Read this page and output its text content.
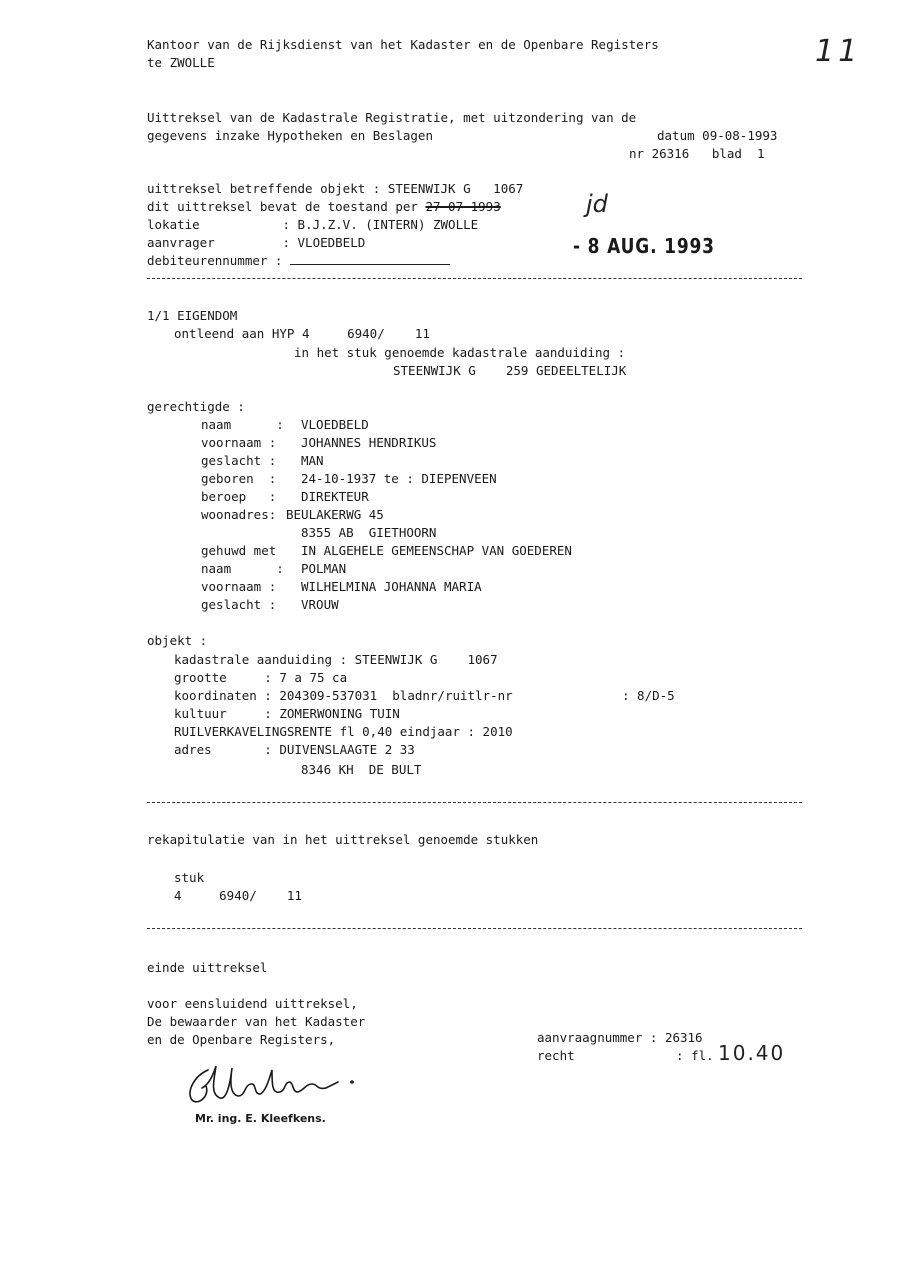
Kantoor van de Rijksdienst van het Kadaster en de Openbare Registers
te ZWOLLE	11
Uittreksel van de Kadastrale Registratie, met uitzondering van de
gegevens inzake Hypotheken en Beslagen	datum 09-08-1993
nr 26316 blad 1
uittreksel betreffende objekt : STEENWIJK G   1067
dit uittreksel bevat de toestand per 27-07-1993	jd
lokatie           : B.J.Z.V. (INTERN) ZWOLLE
aanvrager         : VLOEDBELD	- 8 AUG. 1993
debiteurennummer :
1/1 EIGENDOM
ontleend aan HYP 4     6940/    11
in het stuk genoemde kadastrale aanduiding :
STEENWIJK G    259 GEDEELTELIJK
gerechtigde :
naam      : VLOEDBELD
voornaam : JOHANNES HENDRIKUS
geslacht : MAN
geboren  : 24-10-1937 te : DIEPENVEEN
beroep   : DIREKTEUR
woonadres: BEULAKERWG 45
8355 AB  GIETHOORN
gehuwd met IN ALGEHELE GEMEENSCHAP VAN GOEDEREN
naam      : POLMAN
voornaam : WILHELMINA JOHANNA MARIA
geslacht : VROUW
objekt :
kadastrale aanduiding : STEENWIJK G    1067
grootte     : 7 a 75 ca
koordinaten : 204309-537031 bladnr/ruitlr-nr	: 8/D-5
kultuur     : ZOMERWONING TUIN
RUILVERKAVELINGSRENTE fl 0,40 eindjaar : 2010
adres       : DUIVENSLAAGTE 2 33
8346 KH  DE BULT
rekapitulatie van in het uittreksel genoemde stukken
stuk
4     6940/    11
einde uittreksel
voor eensluidend uittreksel,
De bewaarder van het Kadaster
en de Openbare Registers,	aanvraagnummer : 26316
recht	: fl. 10.40
Mr. ing. E. Kleefkens.
